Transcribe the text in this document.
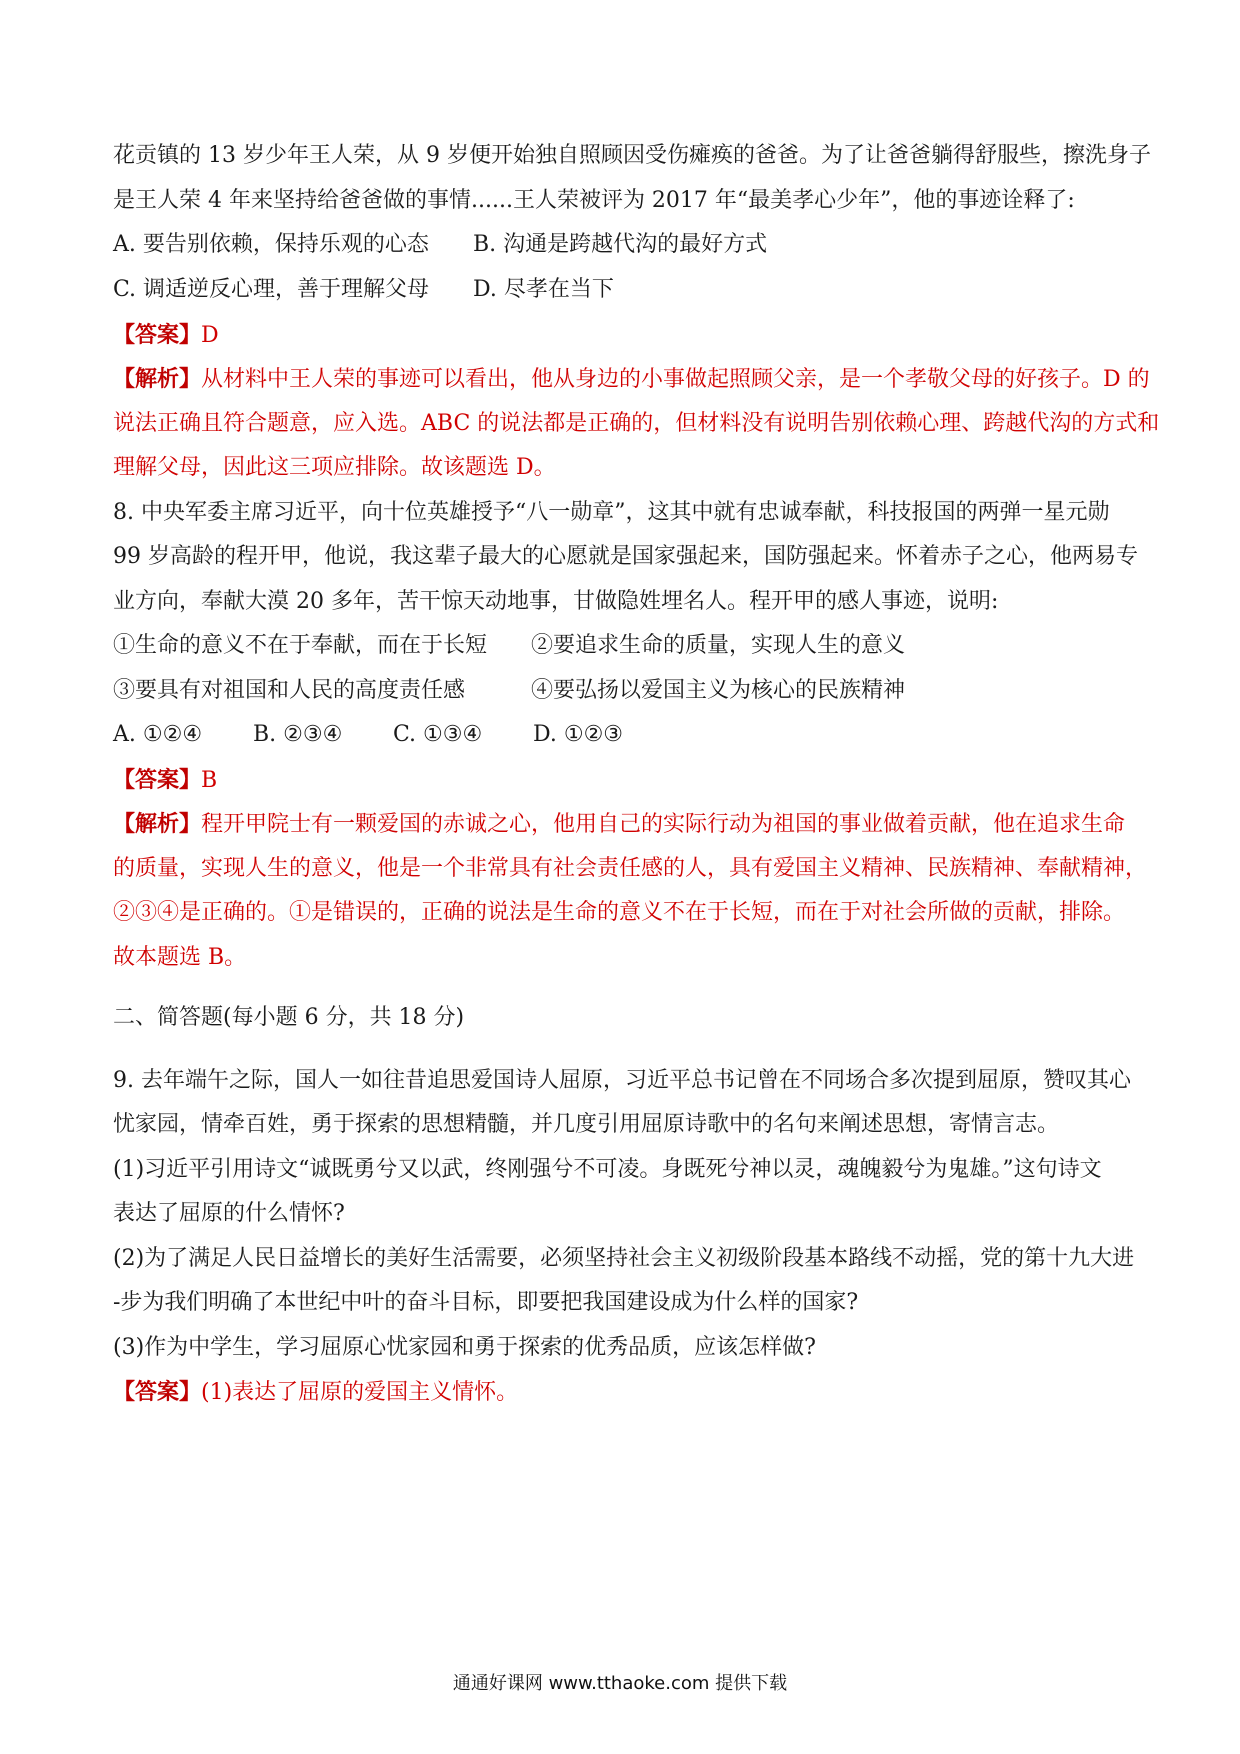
花贡镇的 13 岁少年王人荣，从 9 岁便开始独自照顾因受伤瘫痪的爸爸。为了让爸爸躺得舒服些，擦洗身子
是王人荣 4 年来坚持给爸爸做的事情......王人荣被评为 2017 年“最美孝心少年”，他的事迹诠释了:
A. 要告别依赖，保持乐观的心态 B. 沟通是跨越代沟的最好方式
C. 调适逆反心理，善于理解父母 D. 尽孝在当下
【答案】D
【解析】从材料中王人荣的事迹可以看出，他从身边的小事做起照顾父亲，是一个孝敬父母的好孩子。D 的
说法正确且符合题意，应入选。ABC 的说法都是正确的，但材料没有说明告别依赖心理、跨越代沟的方式和
理解父母，因此这三项应排除。故该题选 D。
8. 中央军委主席习近平，向十位英雄授予“八一勋章”，这其中就有忠诚奉献，科技报国的两弹一星元勋
99 岁高龄的程开甲，他说，我这辈子最大的心愿就是国家强起来，国防强起来。怀着赤子之心，他两易专
业方向，奉献大漠 20 多年，苦干惊天动地事，甘做隐姓埋名人。程开甲的感人事迹，说明:
①生命的意义不在于奉献，而在于长短 ②要追求生命的质量，实现人生的意义
③要具有对祖国和人民的高度责任感	④要弘扬以爱国主义为核心的民族精神
A. ①②④ B. ②③④ C. ①③④ D. ①②③
【答案】B
【解析】程开甲院士有一颗爱国的赤诚之心，他用自己的实际行动为祖国的事业做着贡献，他在追求生命
的质量，实现人生的意义，他是一个非常具有社会责任感的人，具有爱国主义精神、民族精神、奉献精神，
②③④是正确的。①是错误的，正确的说法是生命的意义不在于长短，而在于对社会所做的贡献，排除。
故本题选 B。
二、简答题(每小题 6 分，共 18 分)
9. 去年端午之际，国人一如往昔追思爱国诗人屈原，习近平总书记曾在不同场合多次提到屈原，赞叹其心
忧家园，情牵百姓，勇于探索的思想精髓，并几度引用屈原诗歌中的名句来阐述思想，寄情言志。
(1)习近平引用诗文“诚既勇兮又以武，终刚强兮不可凌。身既死兮神以灵，魂魄毅兮为鬼雄。”这句诗文
表达了屈原的什么情怀?
(2)为了满足人民日益增长的美好生活需要，必须坚持社会主义初级阶段基本路线不动摇，党的第十九大进
-步为我们明确了本世纪中叶的奋斗目标，即要把我国建设成为什么样的国家?
(3)作为中学生，学习屈原心忧家园和勇于探索的优秀品质，应该怎样做?
【答案】(1)表达了屈原的爱国主义情怀。
通通好课网 www.tthaoke.com 提供下载
